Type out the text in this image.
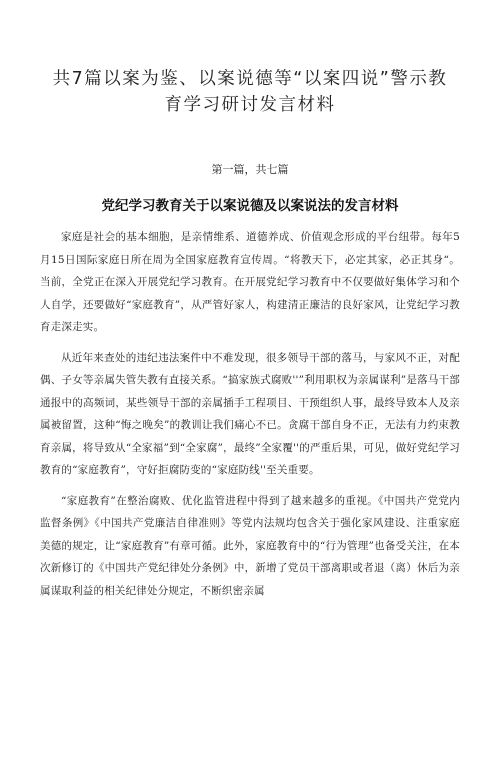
共7篇以案为鉴、以案说德等“以案四说”警示教
育学习研讨发言材料
第一篇，共七篇
党纪学习教育关于以案说德及以案说法的发言材料

家庭是社会的基本细胞，是亲情维系、道德养成、价值观念形成的平台纽带。每年5月15日国际家庭日所在周为全国家庭教育宣传周。“将教天下，必定其家，必正其身“。当前，全党正在深入开展党纪学习教育。在开展党纪学习教育中不仅要做好集体学习和个人自学，还要做好“家庭教育”，从严管好家人，构建清正廉洁的良好家风，让党纪学习教育走深走实。

从近年来查处的违纪违法案件中不难发现，很多领导干部的落马，与家风不正，对配偶、子女等亲属失管失教有直接关系。“搞家族式腐败''”利用职权为亲属谋利”是落马干部通报中的高频词，某些领导干部的亲属插手工程项目、干预组织人事，最终导致本人及亲属被留置，这种“悔之晚矣”的教训让我们痛心不已。贪腐干部自身不正，无法有力约束教育亲属，将导致从“全家福”到“全家腐”，最终”全家覆''的严重后果，可见，做好党纪学习教育的“家庭教育”，守好拒腐防变的“家庭防线''至关重要。

“家庭教育”在整治腐败、优化监管进程中得到了越来越多的重视。《中国共产党党内监督条例》《中国共产党廉洁自律准则》等党内法规均包含关于强化家风建设、注重家庭美德的规定，让“家庭教育”有章可循。此外，家庭教育中的“行为管理”也备受关注，在本次新修订的《中国共产党纪律处分条例》中，新增了党员干部离职或者退（离）休后为亲属谋取利益的相关纪律处分规定，不断织密亲属
